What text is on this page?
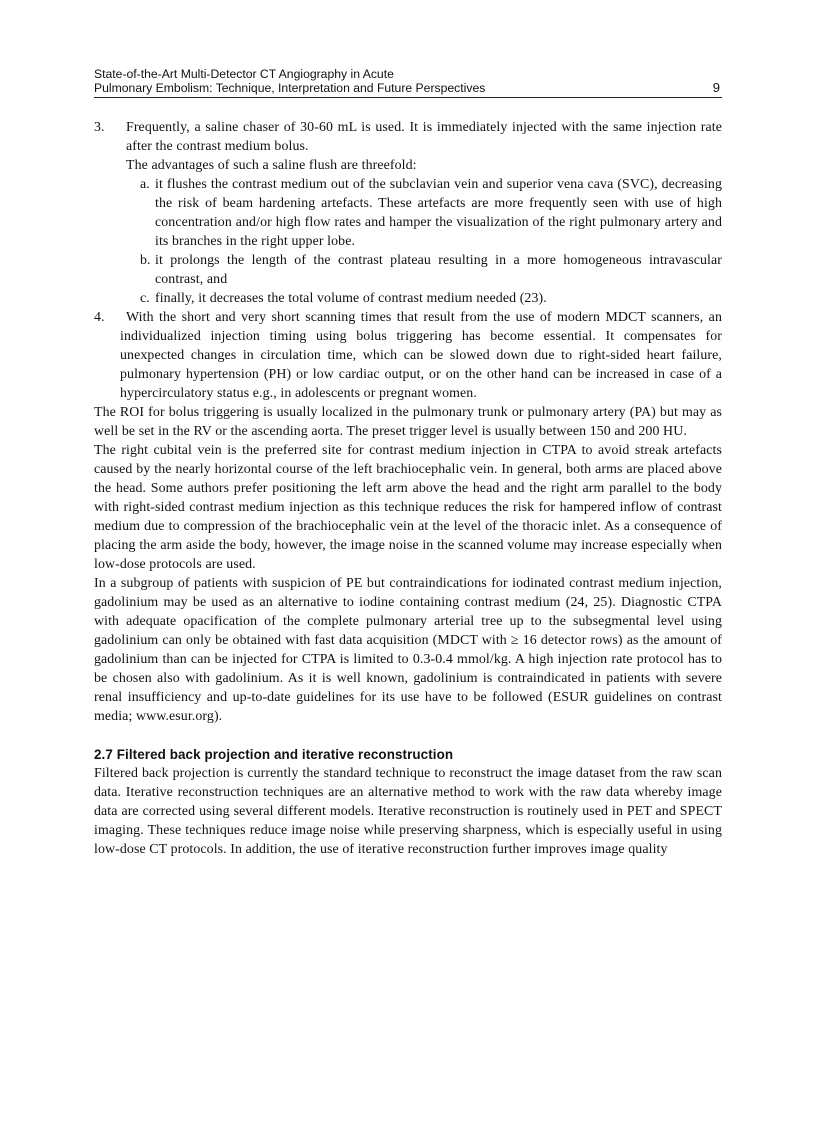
State-of-the-Art Multi-Detector CT Angiography in Acute
Pulmonary Embolism: Technique, Interpretation and Future Perspectives	9
3. Frequently, a saline chaser of 30-60 mL is used. It is immediately injected with the same injection rate after the contrast medium bolus.

The advantages of such a saline flush are threefold:

a. it flushes the contrast medium out of the subclavian vein and superior vena cava (SVC), decreasing the risk of beam hardening artefacts. These artefacts are more frequently seen with use of high concentration and/or high flow rates and hamper the visualization of the right pulmonary artery and its branches in the right upper lobe.

b. it prolongs the length of the contrast plateau resulting in a more homogeneous intravascular contrast, and

c. finally, it decreases the total volume of contrast medium needed (23).

4. With the short and very short scanning times that result from the use of modern MDCT scanners, an individualized injection timing using bolus triggering has become essential. It compensates for unexpected changes in circulation time, which can be slowed down due to right-sided heart failure, pulmonary hypertension (PH) or low cardiac output, or on the other hand can be increased in case of a hypercirculatory status e.g., in adolescents or pregnant women.

The ROI for bolus triggering is usually localized in the pulmonary trunk or pulmonary artery (PA) but may as well be set in the RV or the ascending aorta. The preset trigger level is usually between 150 and 200 HU.

The right cubital vein is the preferred site for contrast medium injection in CTPA to avoid streak artefacts caused by the nearly horizontal course of the left brachiocephalic vein. In general, both arms are placed above the head. Some authors prefer positioning the left arm above the head and the right arm parallel to the body with right-sided contrast medium injection as this technique reduces the risk for hampered inflow of contrast medium due to compression of the brachiocephalic vein at the level of the thoracic inlet. As a consequence of placing the arm aside the body, however, the image noise in the scanned volume may increase especially when low-dose protocols are used.

In a subgroup of patients with suspicion of PE but contraindications for iodinated contrast medium injection, gadolinium may be used as an alternative to iodine containing contrast medium (24, 25). Diagnostic CTPA with adequate opacification of the complete pulmonary arterial tree up to the subsegmental level using gadolinium can only be obtained with fast data acquisition (MDCT with ≥ 16 detector rows) as the amount of gadolinium than can be injected for CTPA is limited to 0.3-0.4 mmol/kg. A high injection rate protocol has to be chosen also with gadolinium. As it is well known, gadolinium is contraindicated in patients with severe renal insufficiency and up-to-date guidelines for its use have to be followed (ESUR guidelines on contrast media; www.esur.org).

2.7 Filtered back projection and iterative reconstruction

Filtered back projection is currently the standard technique to reconstruct the image dataset from the raw scan data. Iterative reconstruction techniques are an alternative method to work with the raw data whereby image data are corrected using several different models. Iterative reconstruction is routinely used in PET and SPECT imaging. These techniques reduce image noise while preserving sharpness, which is especially useful in using low-dose CT protocols. In addition, the use of iterative reconstruction further improves image quality
